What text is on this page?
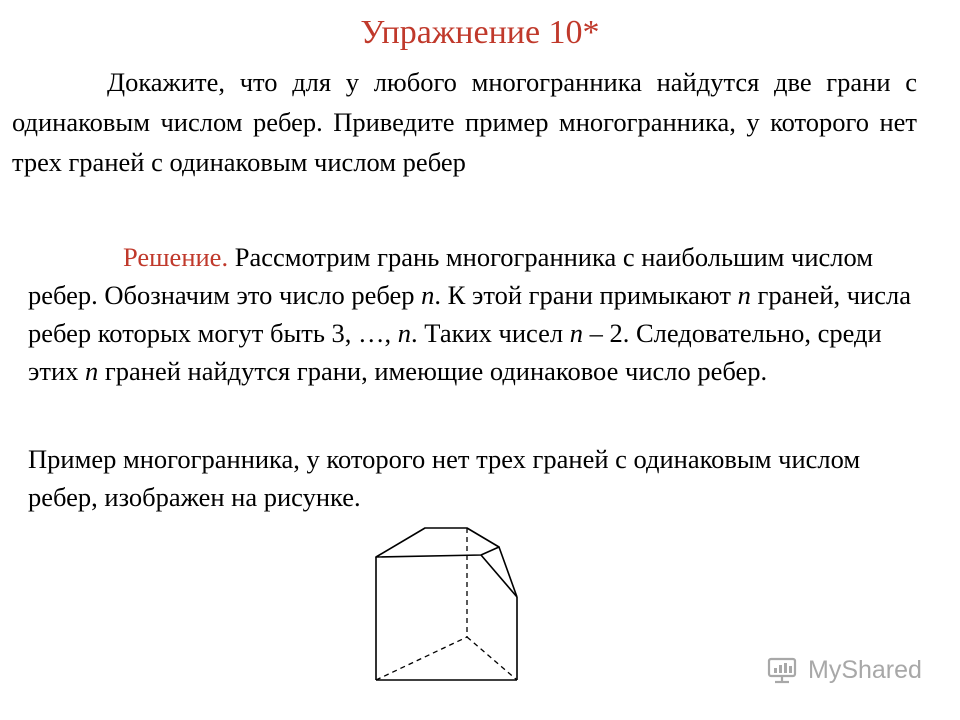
Упражнение 10*

Докажите, что для у любого многогранника найдутся две грани с одинаковым числом ребер. Приведите пример многогранника, у которого нет трех граней с одинаковым числом ребер

Решение. Рассмотрим грань многогранника с наибольшим числом ребер. Обозначим это число ребер n. К этой грани примыкают n граней, числа ребер которых могут быть 3, …, n. Таких чисел n – 2. Следовательно, среди этих n граней найдутся грани, имеющие одинаковое число ребер.

Пример многогранника, у которого нет трех граней с одинаковым числом ребер, изображен на рисунке.

MyShared
